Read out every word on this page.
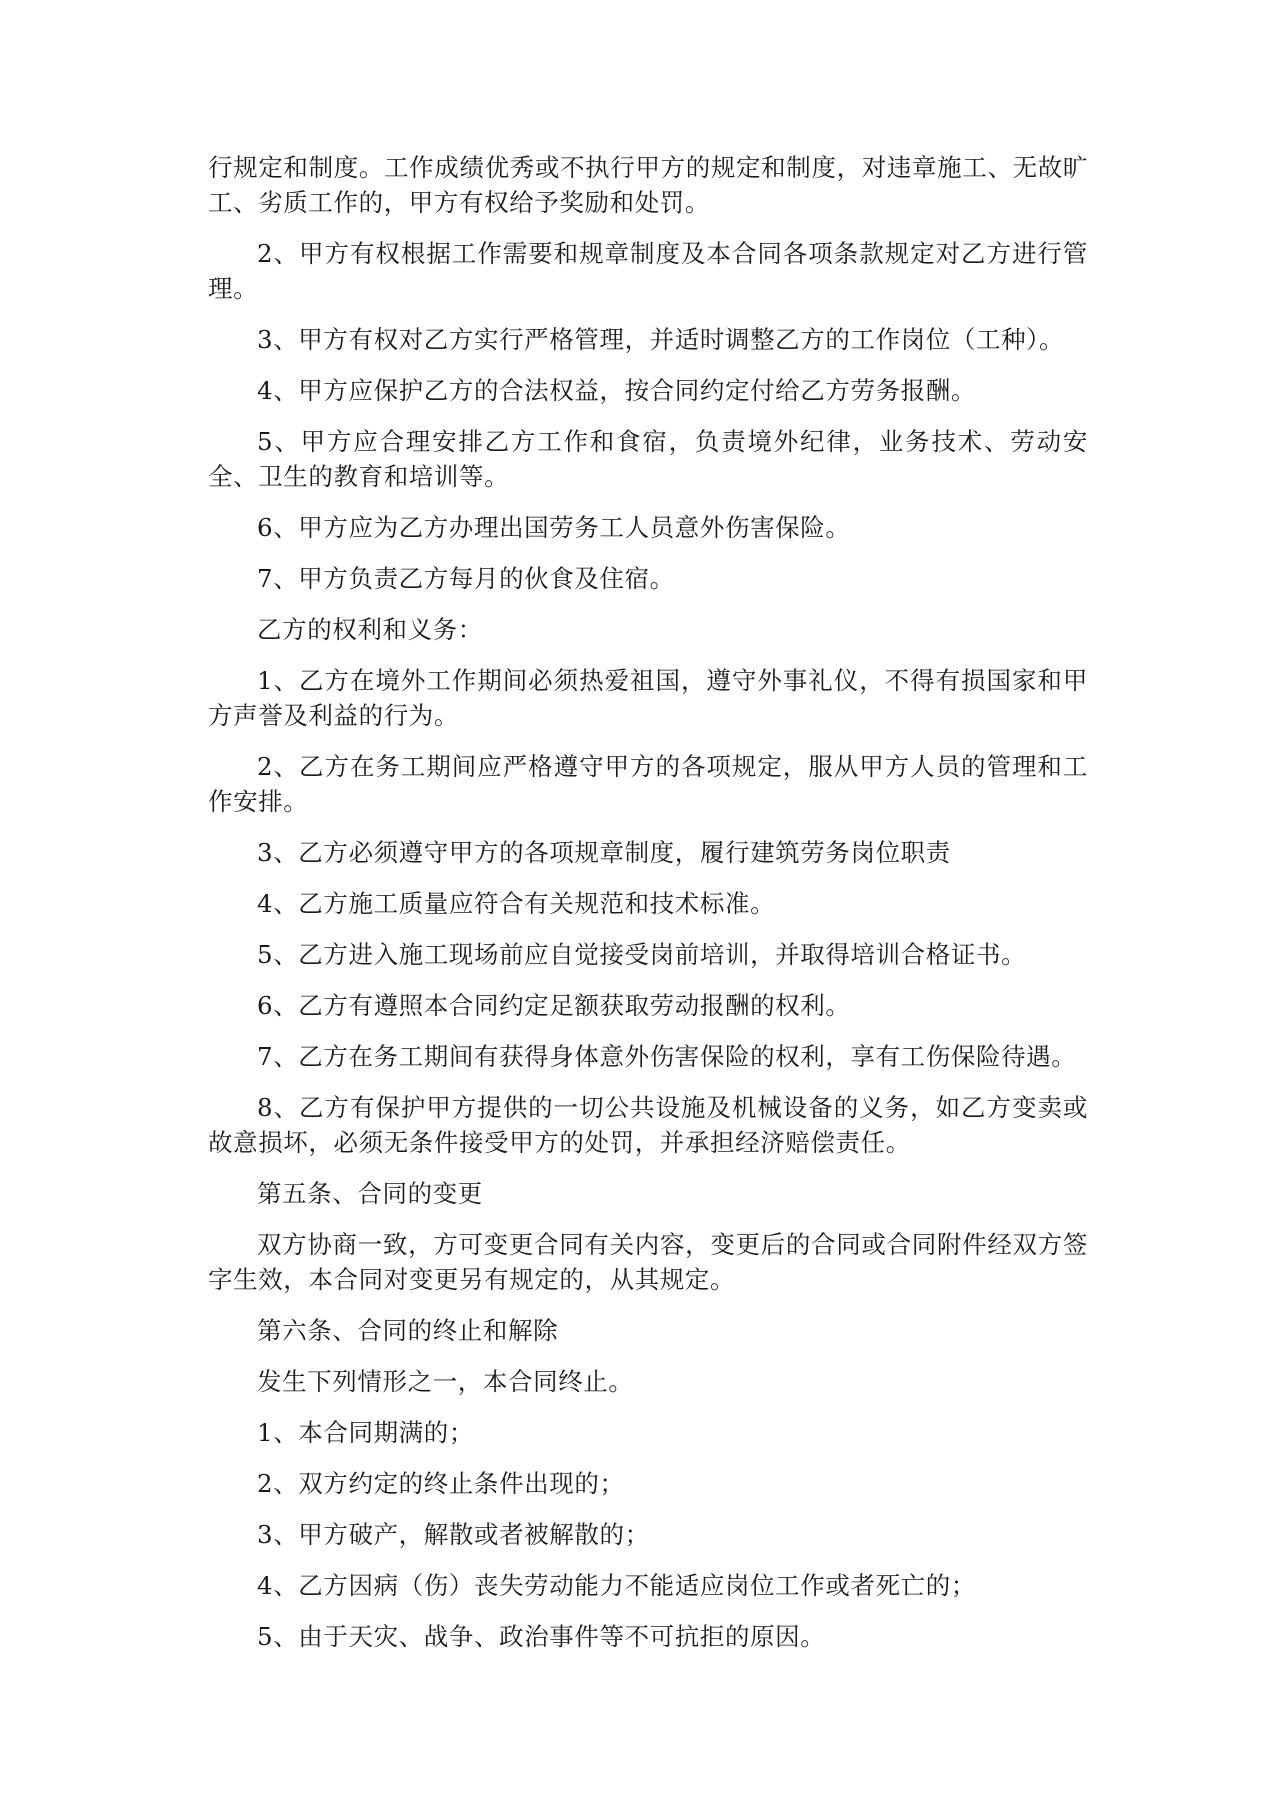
行规定和制度。工作成绩优秀或不执行甲方的规定和制度，对违章施工、无故旷工、劣质工作的，甲方有权给予奖励和处罚。

2、甲方有权根据工作需要和规章制度及本合同各项条款规定对乙方进行管理。

3、甲方有权对乙方实行严格管理，并适时调整乙方的工作岗位（工种）。

4、甲方应保护乙方的合法权益，按合同约定付给乙方劳务报酬。

5、甲方应合理安排乙方工作和食宿，负责境外纪律，业务技术、劳动安全、卫生的教育和培训等。

6、甲方应为乙方办理出国劳务工人员意外伤害保险。

7、甲方负责乙方每月的伙食及住宿。

乙方的权利和义务：

1、乙方在境外工作期间必须热爱祖国，遵守外事礼仪，不得有损国家和甲方声誉及利益的行为。

2、乙方在务工期间应严格遵守甲方的各项规定，服从甲方人员的管理和工作安排。

3、乙方必须遵守甲方的各项规章制度，履行建筑劳务岗位职责

4、乙方施工质量应符合有关规范和技术标准。

5、乙方进入施工现场前应自觉接受岗前培训，并取得培训合格证书。

6、乙方有遵照本合同约定足额获取劳动报酬的权利。

7、乙方在务工期间有获得身体意外伤害保险的权利，享有工伤保险待遇。

8、乙方有保护甲方提供的一切公共设施及机械设备的义务，如乙方变卖或故意损坏，必须无条件接受甲方的处罚，并承担经济赔偿责任。

第五条、合同的变更

双方协商一致，方可变更合同有关内容，变更后的合同或合同附件经双方签字生效，本合同对变更另有规定的，从其规定。

第六条、合同的终止和解除

发生下列情形之一，本合同终止。

1、本合同期满的；

2、双方约定的终止条件出现的；

3、甲方破产，解散或者被解散的；

4、乙方因病（伤）丧失劳动能力不能适应岗位工作或者死亡的；

5、由于天灾、战争、政治事件等不可抗拒的原因。
